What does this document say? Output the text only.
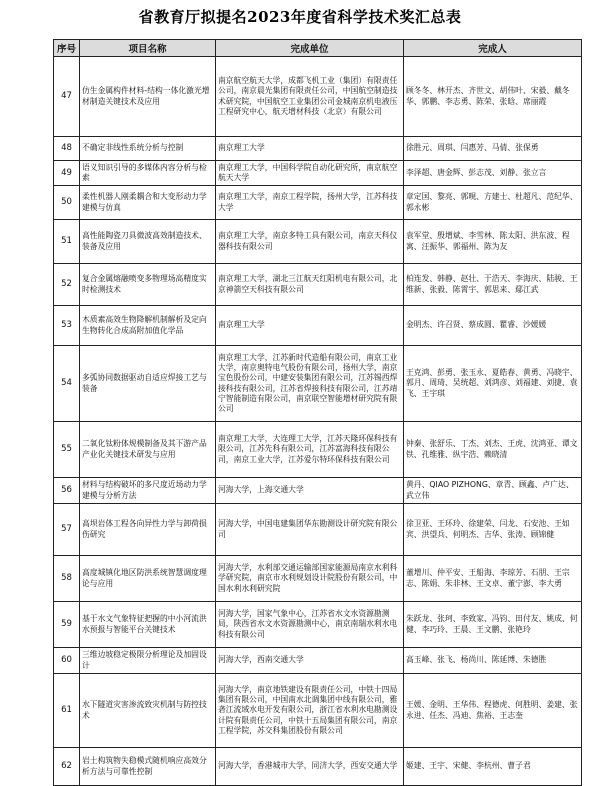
省教育厅拟提名2023年度省科学技术奖汇总表
序号	项目名称	完成单位	完成人
47	仿生金属构件材料-结构一体化激光增材制造关键技术及应用	南京航空航天大学，成都飞机工业（集团）有限责任公司，南京晨光集团有限责任公司，中国航空制造技术研究院，中国航空工业集团公司金城南京机电液压工程研究中心，航天增材科技（北京）有限公司	顾冬冬、林开杰、齐世文、胡伟叶、宋毅、戴冬华、郭鹏、李志勇、陈荣、张晗、席丽霞
48	不确定非线性系统分析与控制	南京理工大学	徐胜元、周琪、闫惠芳、马倩、张保勇
49	语义知识引导的多媒体内容分析与检索	南京理工大学，中国科学院自动化研究所，南京航空航天大学	李泽超、唐金辉、彭志茂、刘静、张立言
50	柔性机器人刚柔耦合和大变形动力学建模与仿真	南京理工大学，南京工程学院，扬州大学，江苏科技大学	章定国、黎亮、郭晛、方建士、杜超凡、范纪华、郭永彬
51	高性能陶瓷刀具微波高效制造技术、装备及应用	南京理工大学，南京多特工具有限公司，南京天科仪器科技有限公司	袁军堂、殷增斌、李雪林、陈太阳、洪东波、程寓、汪振华、郭福州、陈为友
52	复合金属熔融喷变多物理场高精度实时检测技术	南京理工大学，湖北三江航天红阳机电有限公司，北京神箭空天科技有限公司	柏连发、韩静、赵壮、于浩天、李海庆、陆骏、王维新、张毅、陈霄宇、郭思来、鄢江武
53	木质素高效生物降解机制解析及定向生物转化合成高附加值化学品	南京理工大学	金明杰、许召贤、蔡成圆、瞿睿、沙媛媛
54	多弧协同数据驱动自适应焊接工艺与装备	南京理工大学，江苏新时代造船有限公司，南京工业大学，南京奥特电气股份有限公司，扬州大学，南京宝色股份公司，中建安装集团有限公司，江苏锡西焊接科技有限公司，江苏省焊接科技有限公司，江苏靖宁智能制造有限公司，南京联空智能增材研究院有限公司	王克鸿、彭勇、张玉永、夏皓春、黄勇、冯晓宇、郭月、周琦、吴统超、刘鸿彦、刘福建、刘捷、袁飞、王宇琪
55	二氧化钛粉体规模制备及其下游产品产业化关键技术研发与应用	南京理工大学，大连理工大学，江苏天隆环保科技有限公司，江苏先科有限公司，江苏富海科技有限公司，南京工业大学，江苏爱尔特环保科技有限公司	钟秦、张舒乐、丁杰、刘杰、王虎、沈鸿亚、谭文铁、孔维雅、纵宇浩、赖晓清
56	材料与结构破坏的多尺度近场动力学建模与分析方法	河海大学，上海交通大学	黄丹、QIAO PIZHONG、章青、顾鑫、卢广达、武立伟
57	高坝岩体工程各向异性力学与卸荷损伤研究	河海大学，中国电建集团华东勘测设计研究院有限公司	徐卫亚、王环玲、徐建荣、闫龙、石安池、王如宾、洪望兵、何明杰、吉华、张涛、顾锦健
58	高度城镇化地区防洪系统智慧调度理论与应用	河海大学，水利部交通运输部国家能源局南京水利科学研究院，南京市水利规划设计院股份有限公司，中国水利水利研究院	董增川、仲平安、王船海、李琼芳、石朋、王宗志、陈娟、朱非林、王文卓、董宁澎、李大勇
59	基于水文气象特征把握的中小河流洪水预报与智能平台关键技术	河海大学，国家气象中心，江苏省水文水资源勘测局，陕西省水文水资源勘测中心，南京南瑞水利水电科技有限公司	朱跃龙、张珂、李致家、冯钧、田付友、姚成、何健、李巧玲、王晨、王文鹏、张艳玲
60	三维边坡稳定极限分析理论及加固设计	河海大学，西南交通大学	高玉峰、张飞、杨尚川、陈延博、朱德胜
61	水下隧道灾害渗流致灾机制与防控技术	河海大学，南京地铁建设有限责任公司，中铁十四局集团有限公司，中国南水北调集团中线有限公司，雅砻江流域水电开发有限公司，浙江省水利水电勘测设计院有限责任公司，中铁十五局集团有限公司，南京工程学院，苏交科集团股份有限公司	王媛、金明、王华伟、程德虎、何胜明、姜建、张永进、任杰、冯迪、焦裕、王志奎
62	岩土构筑物失稳模式随机响应高效分析方法与可靠性控制	河海大学，香港城市大学，同济大学，西安交通大学	姬建、王宇、宋健、李杭州、曹子君
